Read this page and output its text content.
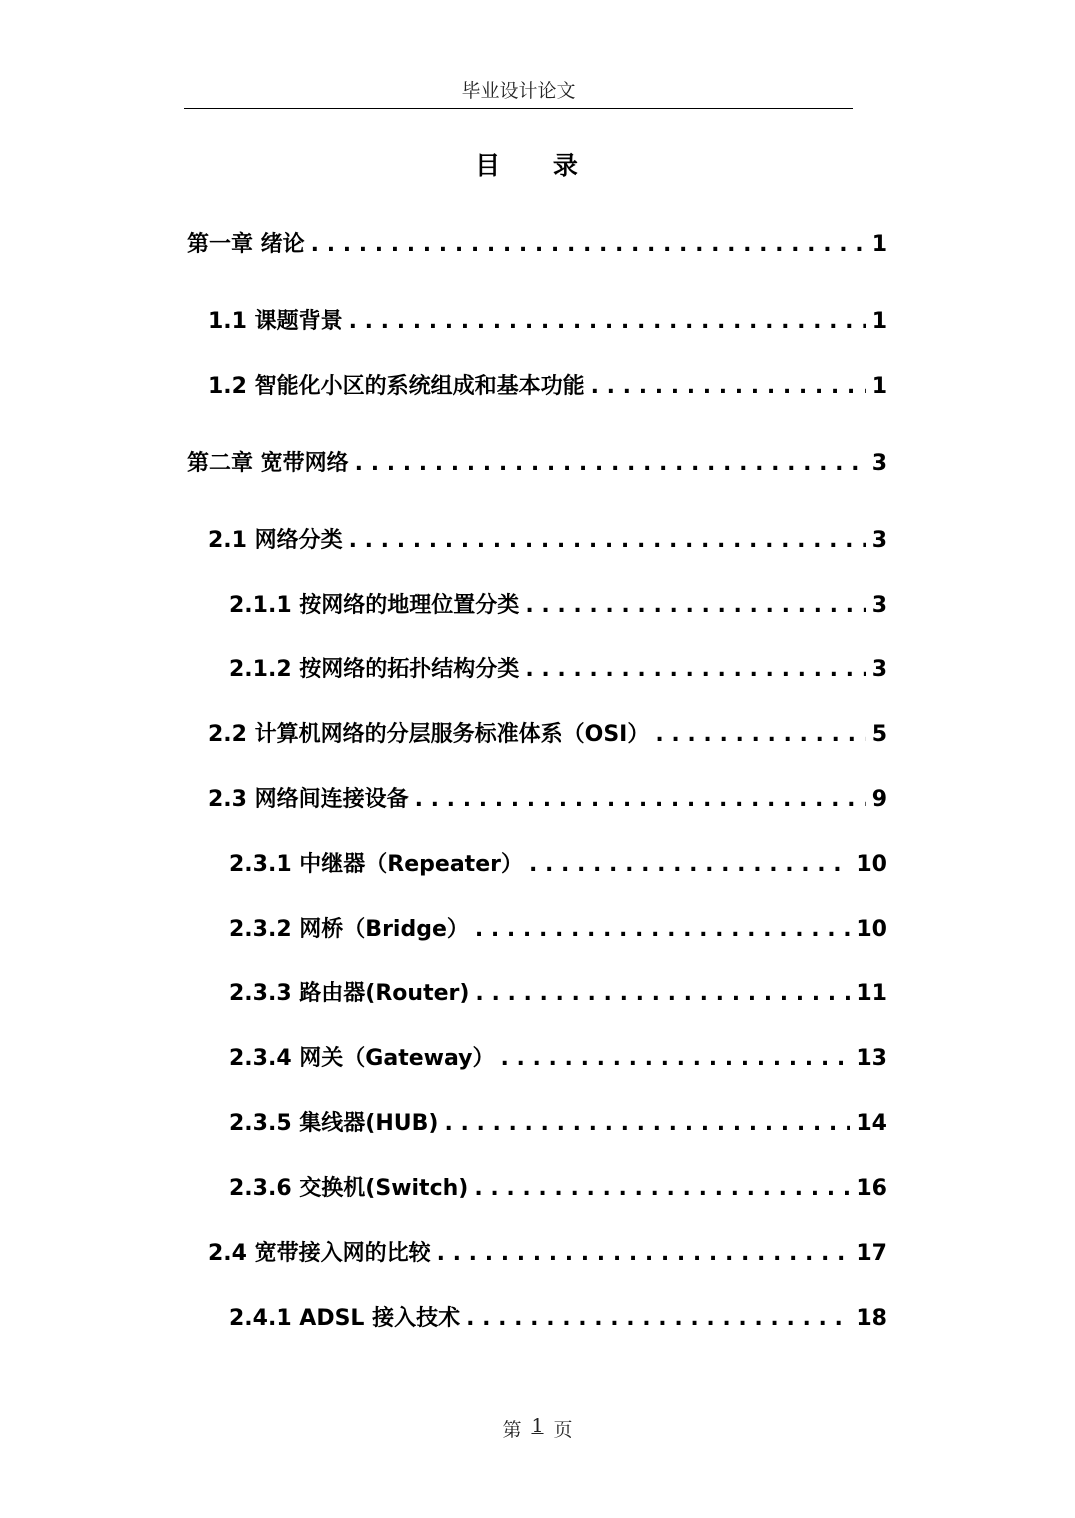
毕业设计论文
目 录
第一章 绪论 . . .	1
1.1 课题背景 . . .	1
1.2 智能化小区的系统组成和基本功能 . . .	1
第二章 宽带网络 . . .	3
2.1 网络分类 . . .	3
2.1.1 按网络的地理位置分类 . . .	3
2.1.2 按网络的拓扑结构分类 . . .	3
2.2 计算机网络的分层服务标准体系（OSI） . . .	5
2.3 网络间连接设备 . . .	9
2.3.1 中继器（Repeater） . . .	10
2.3.2 网桥（Bridge） . . .	10
2.3.3 路由器(Router) . . .	11
2.3.4 网关（Gateway） . . .	13
2.3.5 集线器(HUB) . . .	14
2.3.6 交换机(Switch) . . .	16
2.4 宽带接入网的比较 . . .	17
2.4.1 ADSL 接入技术 . . .	18
第 1 页
